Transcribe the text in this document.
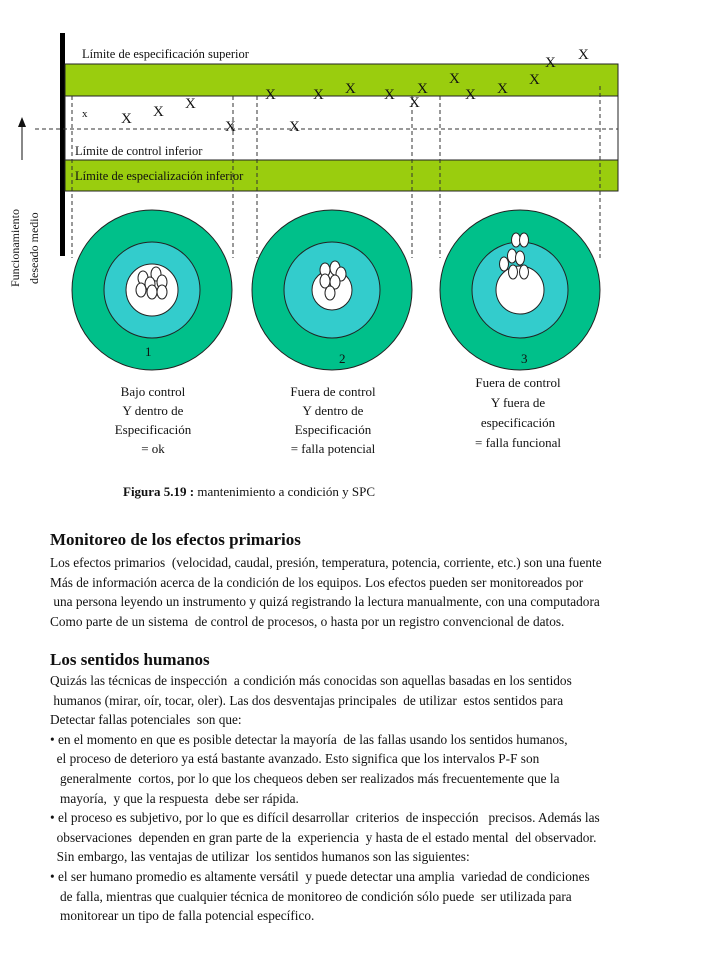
Límite de especificación superior
Límite de control inferior
Límite de especialización inferior
Funcionamiento deseado medio
x X X X
X
X
X
X X X X
X
X
X X
X
X X
1	2	3
Bajo control
Y dentro de
Especificación
= ok
Fuera de control
Y dentro de
Especificación
= falla potencial
Fuera de control
Y fuera de
especificación
= falla funcional
Figura 5.19 : mantenimiento a condición y SPC
Monitoreo de los efectos primarios
Los efectos primarios  (velocidad, caudal, presión, temperatura, potencia, corriente, etc.) son una fuente
Más de información acerca de la condición de los equipos. Los efectos pueden ser monitoreados por
una persona leyendo un instrumento y quizá registrando la lectura manualmente, con una computadora
Como parte de un sistema  de control de procesos, o hasta por un registro convencional de datos.
Los sentidos humanos
Quizás las técnicas de inspección  a condición más conocidas son aquellas basadas en los sentidos
humanos (mirar, oír, tocar, oler). Las dos desventajas principales  de utilizar  estos sentidos para
Detectar fallas potenciales  son que:
• en el momento en que es posible detectar la mayoría  de las fallas usando los sentidos humanos,
el proceso de deterioro ya está bastante avanzado. Esto significa que los intervalos P-F son
generalmente  cortos, por lo que los chequeos deben ser realizados más frecuentemente que la
mayoría,  y que la respuesta  debe ser rápida.
• el proceso es subjetivo, por lo que es difícil desarrollar  criterios  de inspección   precisos. Además las
observaciones  dependen en gran parte de la  experiencia  y hasta de el estado mental  del observador.
Sin embargo, las ventajas de utilizar  los sentidos humanos son las siguientes:
• el ser humano promedio es altamente versátil  y puede detectar una amplia  variedad de condiciones
de falla, mientras que cualquier técnica de monitoreo de condición sólo puede  ser utilizada para
monitorear un tipo de falla potencial específico.
